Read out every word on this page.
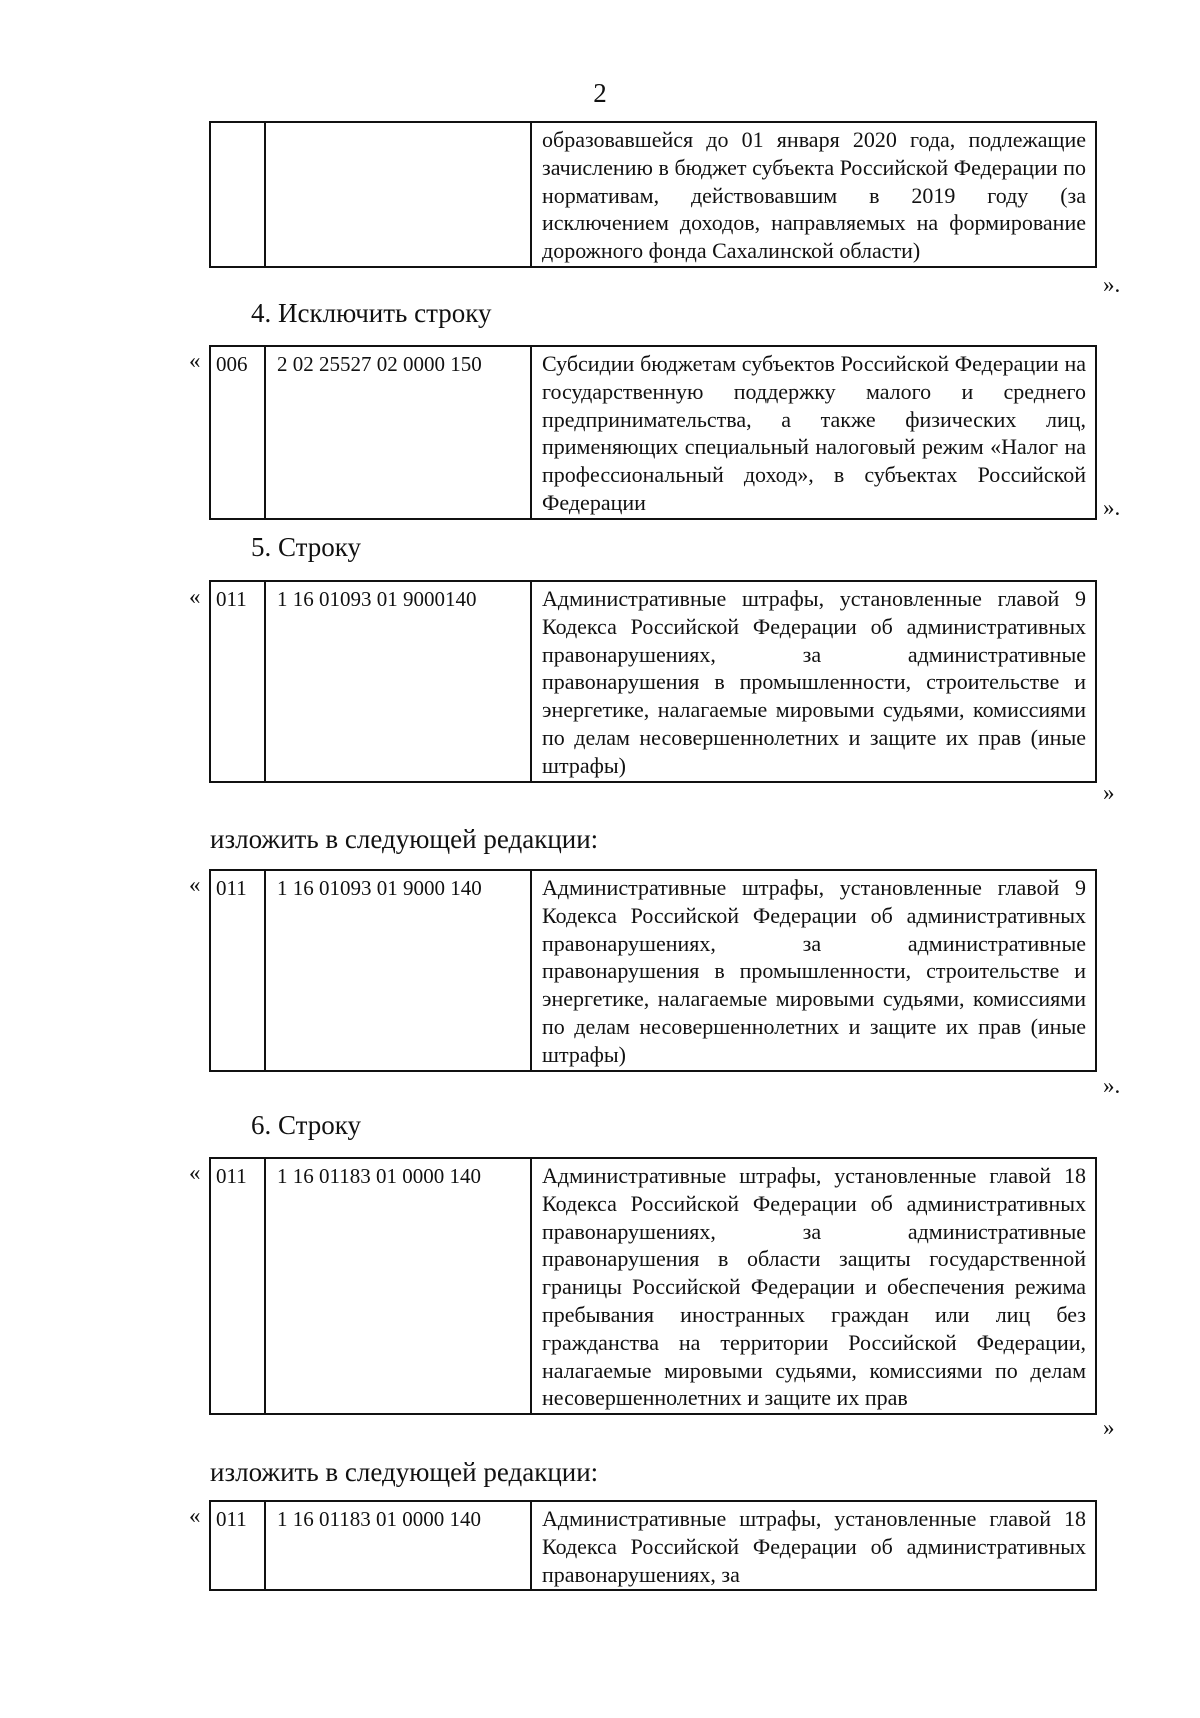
2
		образовавшейся до 01 января 2020 года, подлежащие зачислению в бюджет субъекта Российской Федерации по нормативам, действовавшим в 2019 году (за исключением доходов, направляемых на формирование дорожного фонда Сахалинской области)
».
4. Исключить строку
« 006	2 02 25527 02 0000 150	Субсидии бюджетам субъектов Российской Федерации на государственную поддержку малого и среднего предпринимательства, а также физических лиц, применяющих специальный налоговый режим «Налог на профессиональный доход», в субъектах Российской Федерации	».
5. Строку
« 011	1 16 01093 01 9000140	Административные штрафы, установленные главой 9 Кодекса Российской Федерации об административных правонарушениях, за административные правонарушения в промышленности, строительстве и энергетике, налагаемые мировыми судьями, комиссиями по делам несовершеннолетних и защите их прав (иные штрафы)
»
изложить в следующей редакции:
« 011	1 16 01093 01 9000 140	Административные штрафы, установленные главой 9 Кодекса Российской Федерации об административных правонарушениях, за административные правонарушения в промышленности, строительстве и энергетике, налагаемые мировыми судьями, комиссиями по делам несовершеннолетних и защите их прав (иные штрафы)
».
6. Строку
« 011	1 16 01183 01 0000 140	Административные штрафы, установленные главой 18 Кодекса Российской Федерации об административных правонарушениях, за административные правонарушения в области защиты государственной границы Российской Федерации и обеспечения режима пребывания иностранных граждан или лиц без гражданства на территории Российской Федерации, налагаемые мировыми судьями, комиссиями по делам несовершеннолетних и защите их прав
»
изложить в следующей редакции:
« 011	1 16 01183 01 0000 140	Административные штрафы, установленные главой 18 Кодекса Российской Федерации об административных правонарушениях, за
